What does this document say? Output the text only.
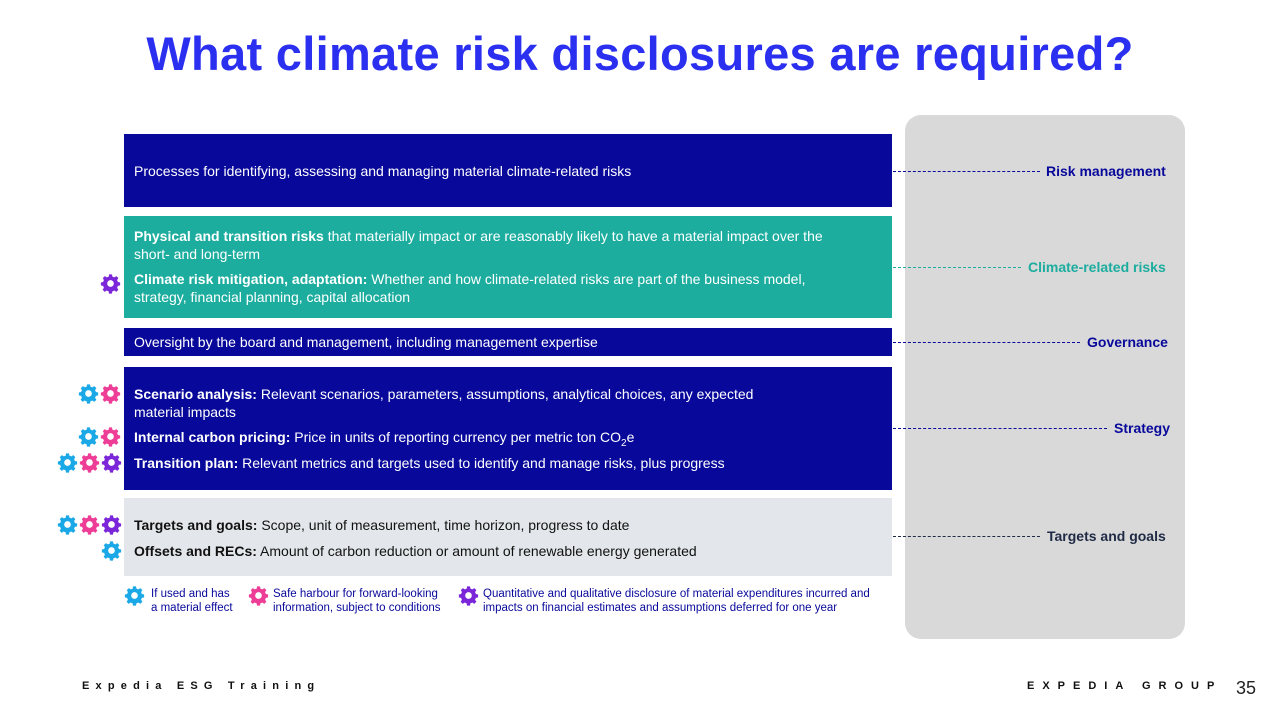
What climate risk disclosures are required?
Processes for identifying, assessing and managing material climate-related risks
Physical and transition risks that materially impact or are reasonably likely to have a material impact over the
short- and long-term
Climate risk mitigation, adaptation: Whether and how climate-related risks are part of the business model,
strategy, financial planning, capital allocation
Oversight by the board and management, including management expertise
Scenario analysis: Relevant scenarios, parameters, assumptions, analytical choices, any expected
material impacts
Internal carbon pricing: Price in units of reporting currency per metric ton $CO_2e$
Transition plan: Relevant metrics and targets used to identify and manage risks, plus progress
Targets and goals: Scope, unit of measurement, time horizon, progress to date
Offsets and RECs: Amount of carbon reduction or amount of renewable energy generated
Risk management
Climate-related risks
Governance
Strategy
Targets and goals
If used and has
a material effect
Safe harbour for forward-looking
information, subject to conditions
Quantitative and qualitative disclosure of material expenditures incurred and
impacts on financial estimates and assumptions deferred for one year
Expedia ESG Training	EXPEDIA GROUP 35
